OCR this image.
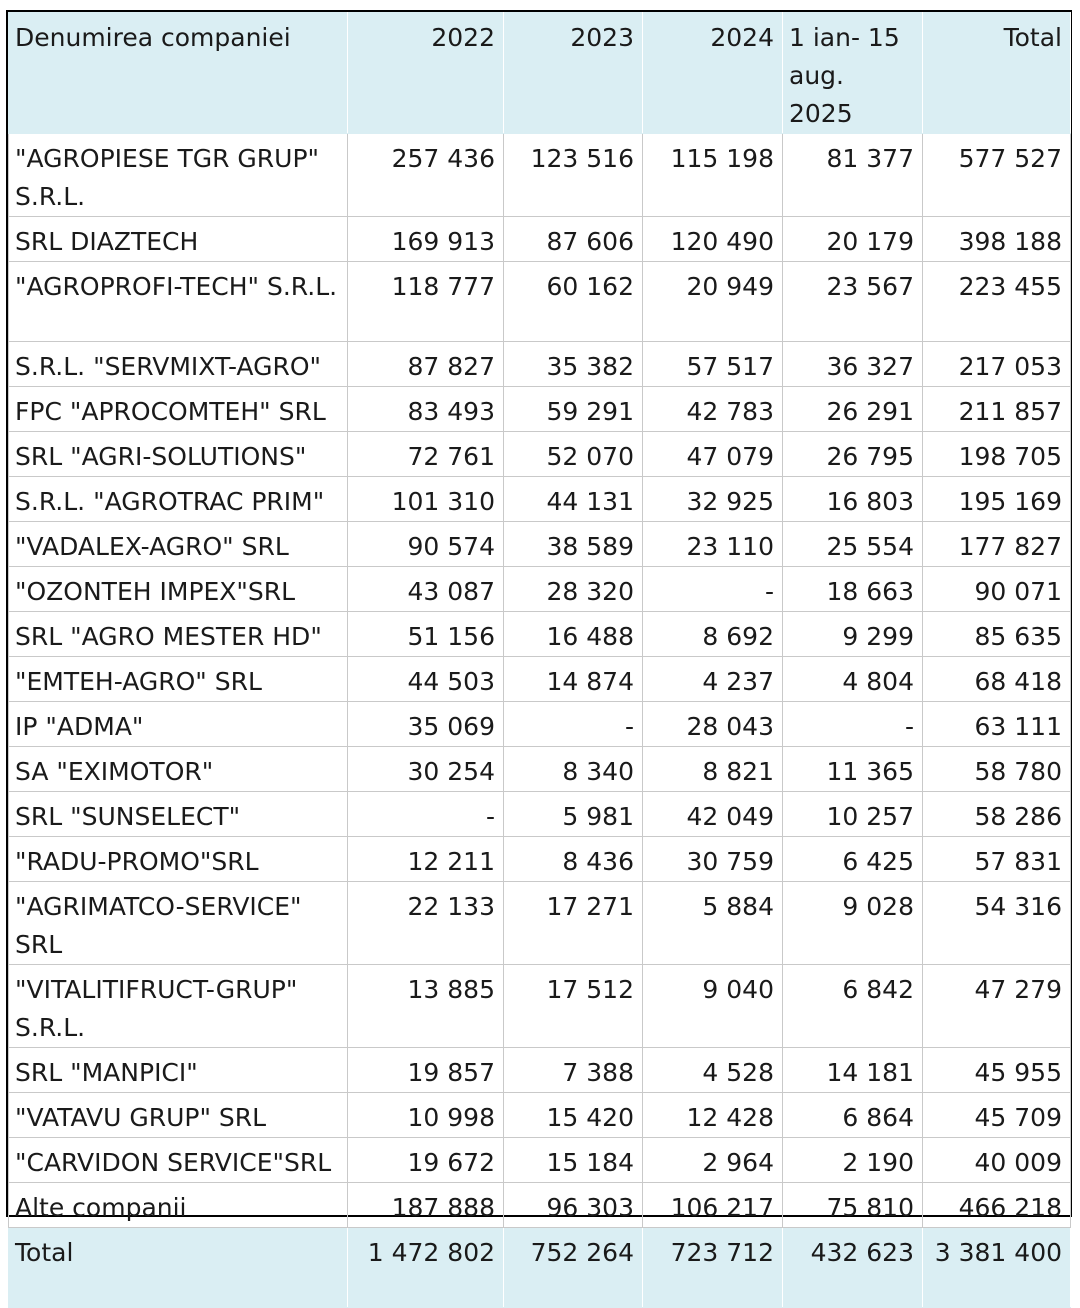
Denumirea companiei	2022	2023	2024	1 ian- 15 aug. 2025	Total
"AGROPIESE TGR GRUP" S.R.L.	257 436	123 516	115 198	81 377	577 527
SRL DIAZTECH	169 913	87 606	120 490	20 179	398 188
"AGROPROFI-TECH" S.R.L.	118 777	60 162	20 949	23 567	223 455
S.R.L. "SERVMIXT-AGRO"	87 827	35 382	57 517	36 327	217 053
FPC "APROCOMTEH" SRL	83 493	59 291	42 783	26 291	211 857
SRL "AGRI-SOLUTIONS"	72 761	52 070	47 079	26 795	198 705
S.R.L. "AGROTRAC PRIM"	101 310	44 131	32 925	16 803	195 169
"VADALEX-AGRO" SRL	90 574	38 589	23 110	25 554	177 827
"OZONTEH IMPEX"SRL	43 087	28 320	-	18 663	90 071
SRL "AGRO MESTER HD"	51 156	16 488	8 692	9 299	85 635
"EMTEH-AGRO" SRL	44 503	14 874	4 237	4 804	68 418
IP "ADMA"	35 069	-	28 043	-	63 111
SA "EXIMOTOR"	30 254	8 340	8 821	11 365	58 780
SRL "SUNSELECT"	-	5 981	42 049	10 257	58 286
"RADU-PROMO"SRL	12 211	8 436	30 759	6 425	57 831
"AGRIMATCO-SERVICE" SRL	22 133	17 271	5 884	9 028	54 316
"VITALITIFRUCT-GRUP" S.R.L.	13 885	17 512	9 040	6 842	47 279
SRL "MANPICI"	19 857	7 388	4 528	14 181	45 955
"VATAVU GRUP" SRL	10 998	15 420	12 428	6 864	45 709
"CARVIDON SERVICE"SRL	19 672	15 184	2 964	2 190	40 009
Alte companii	187 888	96 303	106 217	75 810	466 218
Total	1 472 802	752 264	723 712	432 623	3 381 400
